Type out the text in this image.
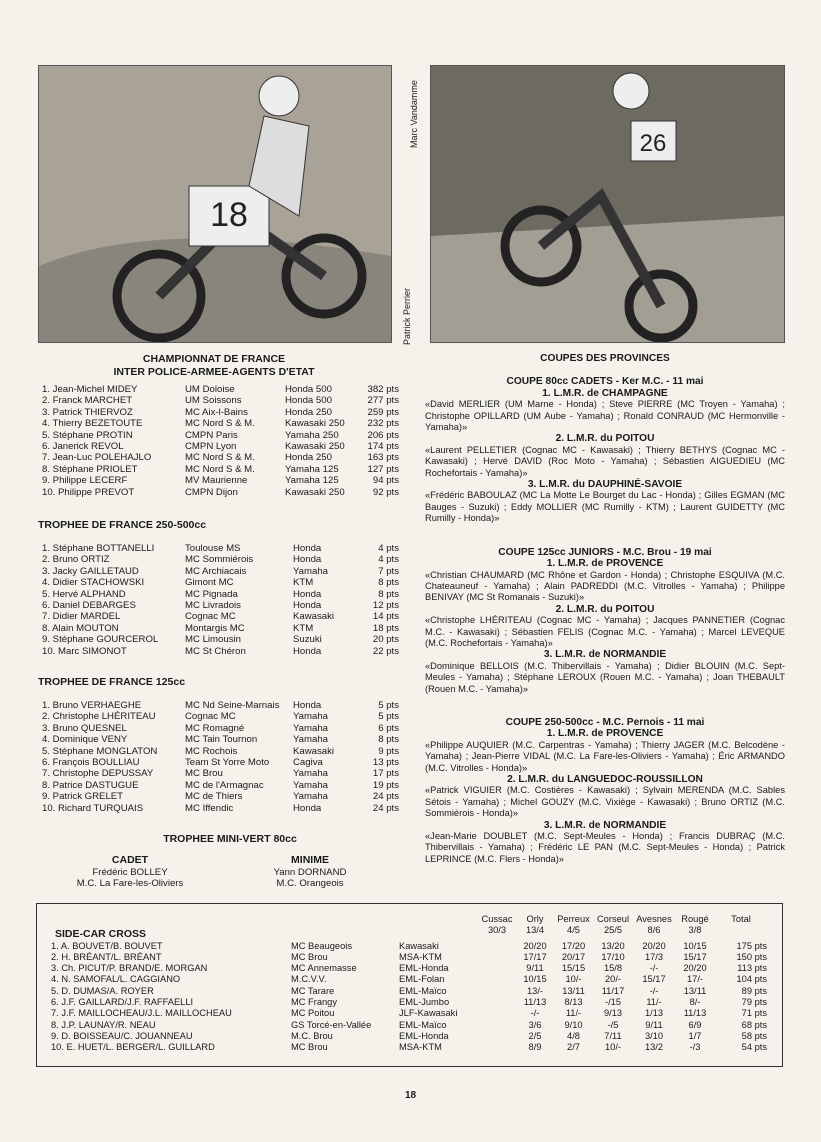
18
Marc Vandamme	26
Patrick Perrier
CHAMPIONNAT DE FRANCE
INTER POLICE-ARMEE-AGENTS D'ETAT
1. Jean-Michel MIDEY	UM Doloise	Honda 500	382 pts
2. Franck MARCHET	UM Soissons	Honda 500	277 pts
3. Patrick THIERVOZ	MC Aix-l-Bains	Honda 250	259 pts
4. Thierry BEZETOUTE	MC Nord S & M.	Kawasaki 250	232 pts
5. Stéphane PROTIN	CMPN Paris	Yamaha 250	206 pts
6. Janerick REVOL	CMPN Lyon	Kawasaki 250	174 pts
7. Jean-Luc POLEHAJLO	MC Nord S & M.	Honda 250	163 pts
8. Stéphane PRIOLET	MC Nord S & M.	Yamaha 125	127 pts
9. Philippe LECERF	MV Maurienne	Yamaha 125	94 pts
10. Philippe PREVOT	CMPN Dijon	Kawasaki 250	92 pts
TROPHEE DE FRANCE 250-500cc
1. Stéphane BOTTANELLI	Toulouse MS	Honda	4 pts
2. Bruno ORTIZ	MC Sommiérois	Honda	4 pts
3. Jacky GAILLETAUD	MC Archiacais	Yamaha	7 pts
4. Didier STACHOWSKI	Gimont MC	KTM	8 pts
5. Hervé ALPHAND	MC Pignada	Honda	8 pts
6. Daniel DEBARGES	MC Livradois	Honda	12 pts
7. Didier MARDEL	Cognac MC	Kawasaki	14 pts
8. Alain MOUTON	Montargis MC	KTM	18 pts
9. Stéphane GOURCEROL	MC Limousin	Suzuki	20 pts
10. Marc SIMONOT	MC St Chéron	Honda	22 pts
TROPHEE DE FRANCE 125cc
1. Bruno VERHAEGHE	MC Nd Seine-Marnais	Honda	5 pts
2. Christophe LHÉRITEAU	Cognac MC	Yamaha	5 pts
3. Bruno QUESNEL	MC Romagné	Yamaha	6 pts
4. Dominique VENY	MC Tain Tournon	Yamaha	8 pts
5. Stéphane MONGLATON	MC Rochois	Kawasaki	9 pts
6. François BOULLIAU	Team St Yorre Moto	Cagiva	13 pts
7. Christophe DEPUSSAY	MC Brou	Yamaha	17 pts
8. Patrice DASTUGUE	MC de l'Armagnac	Yamaha	19 pts
9. Patrick GRELET	MC de Thiers	Yamaha	24 pts
10. Richard TURQUAIS	MC Iffendic	Honda	24 pts
TROPHEE MINI-VERT 80cc
CADET
Frédéric BOLLEY
M.C. La Fare-les-Oliviers
MINIME
Yann DORNAND
M.C. Orangeois
COUPES DES PROVINCES
COUPE 80cc CADETS - Ker M.C. - 11 mai
1. L.M.R. de CHAMPAGNE
«David MERLIER (UM Marne - Honda) ; Steve PIERRE (MC Troyen - Yamaha) ; Christophe OPILLARD (UM Aube - Yamaha) ; Ronald CONRAUD (MC Hermonville - Yamaha)»
2. L.M.R. du POITOU
«Laurent PELLETIER (Cognac MC - Kawasaki) ; Thierry BETHYS (Cognac MC - Kawasaki) ; Hervé DAVID (Roc Moto - Yamaha) ; Sébastien AIGUEDIEU (MC Rochefortais - Yamaha)»
3. L.M.R. du DAUPHINÉ-SAVOIE
«Frédéric BABOULAZ (MC La Motte Le Bourget du Lac - Honda) ; Gilles EGMAN (MC Bauges - Suzuki) ; Eddy MOLLIER (MC Rumilly - KTM) ; Laurent GUIDETTY (MC Rumilly - Honda)»
COUPE 125cc JUNIORS - M.C. Brou - 19 mai
1. L.M.R. de PROVENCE
«Christian CHAUMARD (MC Rhône et Gardon - Honda) ; Christophe ESQUIVA (M.C. Chateauneuf - Yamaha) ; Alain PADREDDI (M.C. Vitrolles - Yamaha) ; Philippe BENIVAY (MC St Romanais - Suzuki)»
2. L.M.R. du POITOU
«Christophe LHÉRITEAU (Cognac MC - Yamaha) ; Jacques PANNETIER (Cognac M.C. - Kawasaki) ; Sébastien FELIS (Cognac M.C. - Yamaha) ; Marcel LEVEQUE (M.C. Rochefortais - Yamaha)»
3. L.M.R. de NORMANDIE
«Dominique BELLOIS (M.C. Thibervillais - Yamaha) ; Didier BLOUIN (M.C. Sept-Meules - Yamaha) ; Stéphane LEROUX (Rouen M.C. - Yamaha) ; Joan THEBAULT (Rouen M.C. - Yamaha)»
COUPE 250-500cc - M.C. Pernois - 11 mai
1. L.M.R. de PROVENCE
«Philippe AUQUIER (M.C. Carpentras - Yamaha) ; Thierry JAGER (M.C. Belcodène - Yamaha) ; Jean-Pierre VIDAL (M.C. La Fare-les-Oliviers - Yamaha) ; Éric ARMANDO (M.C. Vitrolles - Honda)»
2. L.M.R. du LANGUEDOC-ROUSSILLON
«Patrick VIGUIER (M.C. Costières - Kawasaki) ; Sylvain MERENDA (M.C. Sables Sétois - Yamaha) ; Michel GOUZY (M.C. Vixiège - Kawasaki) ; Bruno ORTIZ (M.C. Sommiérois - Honda)»
3. L.M.R. de NORMANDIE
«Jean-Marie DOUBLET (M.C. Sept-Meules - Honda) ; Francis DUBRAÇ (M.C. Thibervillais - Yamaha) ; Frédéric LE PAN (M.C. Sept-Meules - Honda) ; Patrick LEPRINCE (M.C. Flers - Honda)»
SIDE-CAR CROSS
			Cussac	Orly	Perreux	Corseul	Avesnes	Rougé	Total
			30/3	13/4	4/5	25/5	8/6	3/8	

1. A. BOUVET/B. BOUVET	MC Beaugeois	Kawasaki		20/20	17/20	13/20	20/20	10/15	175 pts
2. H. BRÉANT/L. BRÉANT	MC Brou	MSA-KTM		17/17	20/17	17/10	17/3	15/17	150 pts
3. Ch. PICUT/P. BRAND/E. MORGAN	MC Annemasse	EML-Honda		9/11	15/15	15/8	-/-	20/20	113 pts
4. N. SAMOFAL/L. CAGGIANO	M.C.V.V.	EML-Folan		10/15	10/-	20/-	15/17	17/-	104 pts
5. D. DUMAS/A. ROYER	MC Tarare	EML-Maïco		13/-	13/11	11/17	-/-	13/11	89 pts
6. J.F. GAILLARD/J.F. RAFFAELLI	MC Frangy	EML-Jumbo		11/13	8/13	-/15	11/-	8/-	79 pts
7. J.F. MAILLOCHEAU/J.L. MAILLOCHEAU	MC Poitou	JLF-Kawasaki		-/-	11/-	9/13	1/13	11/13	71 pts
8. J.P. LAUNAY/R. NEAU	GS Torcé-en-Vallée	EML-Maïco		3/6	9/10	-/5	9/11	6/9	68 pts
9. D. BOISSEAU/C. JOUANNEAU	M.C. Brou	EML-Honda		2/5	4/8	7/11	3/10	1/7	58 pts
10. E. HUET/L. BERGER/L. GUILLARD	MC Brou	MSA-KTM		8/9	2/7	10/-	13/2	-/3	54 pts
18
